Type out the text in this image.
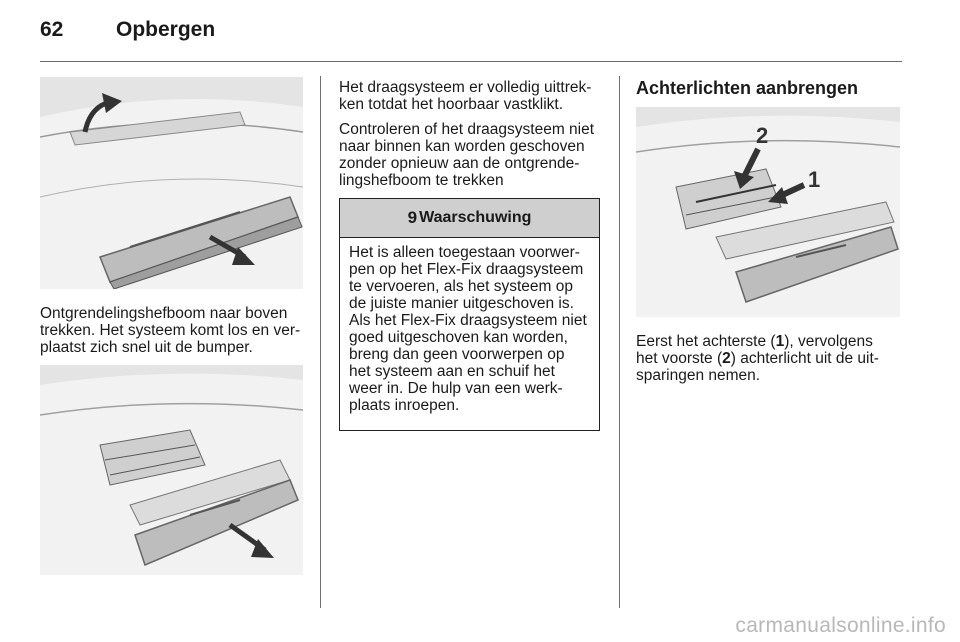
62	Opbergen
Ontgrendelingshefboom naar boven
trekken. Het systeem komt los en ver-
plaatst zich snel uit de bumper.
Het draagsysteem er volledig uittrek-
ken totdat het hoorbaar vastklikt.
Controleren of het draagsysteem niet
naar binnen kan worden geschoven
zonder opnieuw aan de ontgrende-
lingshefboom te trekken
9 Waarschuwing
Het is alleen toegestaan voorwer-
pen op het Flex-Fix draagsysteem
te vervoeren, als het systeem op
de juiste manier uitgeschoven is.
Als het Flex-Fix draagsysteem niet
goed uitgeschoven kan worden,
breng dan geen voorwerpen op
het systeem aan en schuif het
weer in. De hulp van een werk-
plaats inroepen.
Achterlichten aanbrengen
2
1
Eerst het achterste (1), vervolgens
het voorste (2) achterlicht uit de uit-
sparingen nemen.
carmanualsonline.info
